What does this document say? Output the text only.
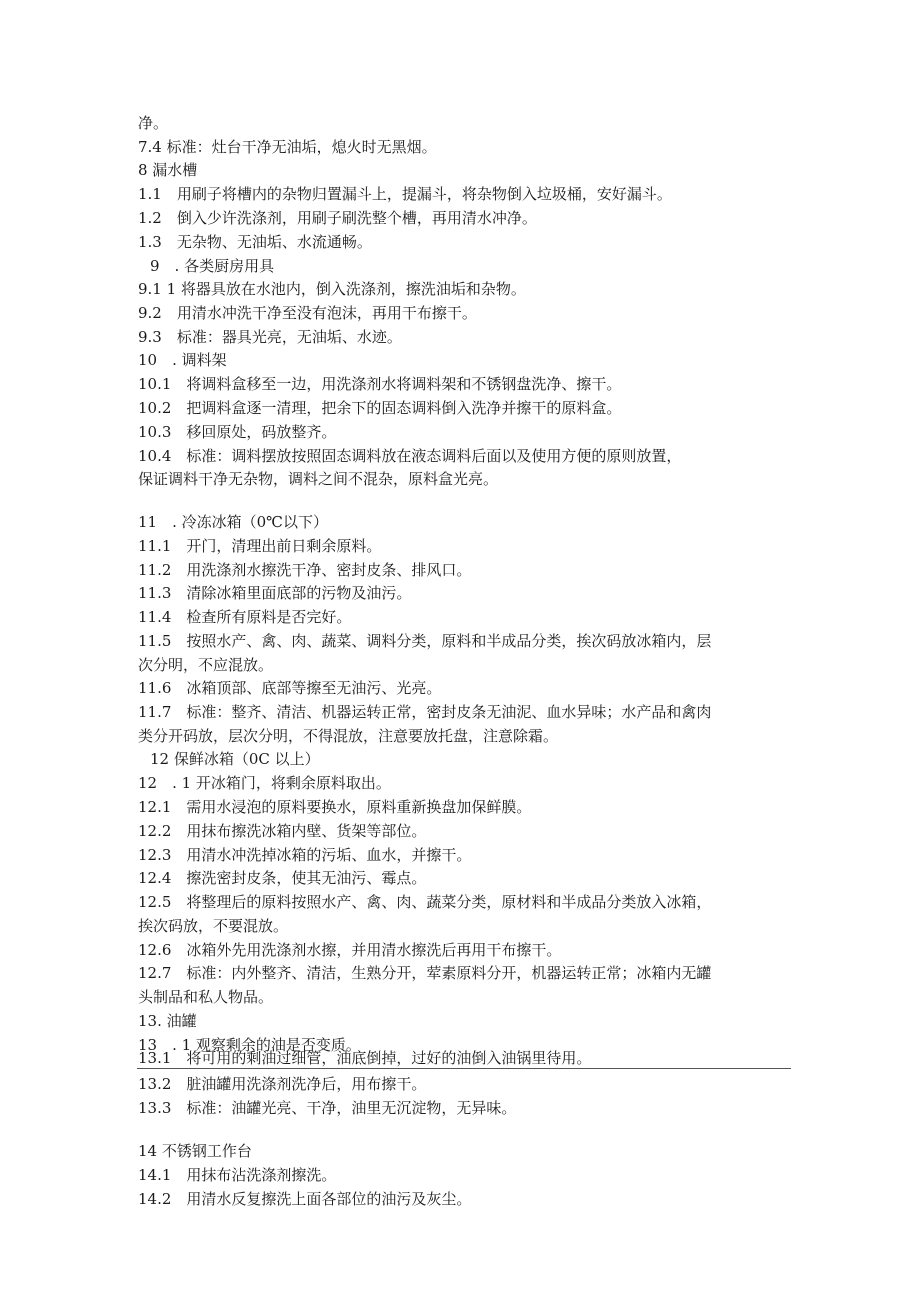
净。
7.4 标准：灶台干净无油垢，熄火时无黑烟。
8 漏水槽
1.1　用刷子将槽内的杂物归置漏斗上，提漏斗，将杂物倒入垃圾桶，安好漏斗。
1.2　倒入少许洗涤剂，用刷子刷洗整个槽，再用清水冲净。
1.3　无杂物、无油垢、水流通畅。
9　. 各类厨房用具
9.1 1 将器具放在水池内，倒入洗涤剂，擦洗油垢和杂物。
9.2　用清水冲洗干净至没有泡沫，再用干布擦干。
9.3　标准：器具光亮，无油垢、水迹。
10　. 调料架
10.1　将调料盒移至一边，用洗涤剂水将调料架和不锈钢盘洗净、擦干。
10.2　把调料盒逐一清理，把余下的固态调料倒入洗净并擦干的原料盒。
10.3　移回原处，码放整齐。
10.4　标准：调料摆放按照固态调料放在液态调料后面以及使用方便的原则放置，
保证调料干净无杂物，调料之间不混杂，原料盒光亮。
11　. 冷冻冰箱（0℃以下）
11.1　开门，清理出前日剩余原料。
11.2　用洗涤剂水擦洗干净、密封皮条、排风口。
11.3　清除冰箱里面底部的污物及油污。
11.4　检查所有原料是否完好。
11.5　按照水产、禽、肉、蔬菜、调料分类，原料和半成品分类，挨次码放冰箱内，层
次分明，不应混放。
11.6　冰箱顶部、底部等擦至无油污、光亮。
11.7　标准：整齐、清洁、机器运转正常，密封皮条无油泥、血水异味；水产品和禽肉
类分开码放，层次分明，不得混放，注意要放托盘，注意除霜。
12 保鲜冰箱（0C 以上）
12　. 1 开冰箱门，将剩余原料取出。
12.1　需用水浸泡的原料要换水，原料重新换盘加保鲜膜。
12.2　用抹布擦洗冰箱内壁、货架等部位。
12.3　用清水冲洗掉冰箱的污垢、血水，并擦干。
12.4　擦洗密封皮条，使其无油污、霉点。
12.5　将整理后的原料按照水产、禽、肉、蔬菜分类，原材料和半成品分类放入冰箱，
挨次码放，不要混放。
12.6　冰箱外先用洗涤剂水擦，并用清水擦洗后再用干布擦干。
12.7　标准：内外整齐、清洁，生熟分开，荤素原料分开，机器运转正常；冰箱内无罐
头制品和私人物品。
13. 油罐
13　. 1 观察剩余的油是否变质。
13.1　将可用的剩油过细管，油底倒掉，过好的油倒入油锅里待用。
13.2　脏油罐用洗涤剂洗净后，用布擦干。
13.3　标准：油罐光亮、干净，油里无沉淀物，无异味。
14 不锈钢工作台
14.1　用抹布沾洗涤剂擦洗。
14.2　用清水反复擦洗上面各部位的油污及灰尘。
